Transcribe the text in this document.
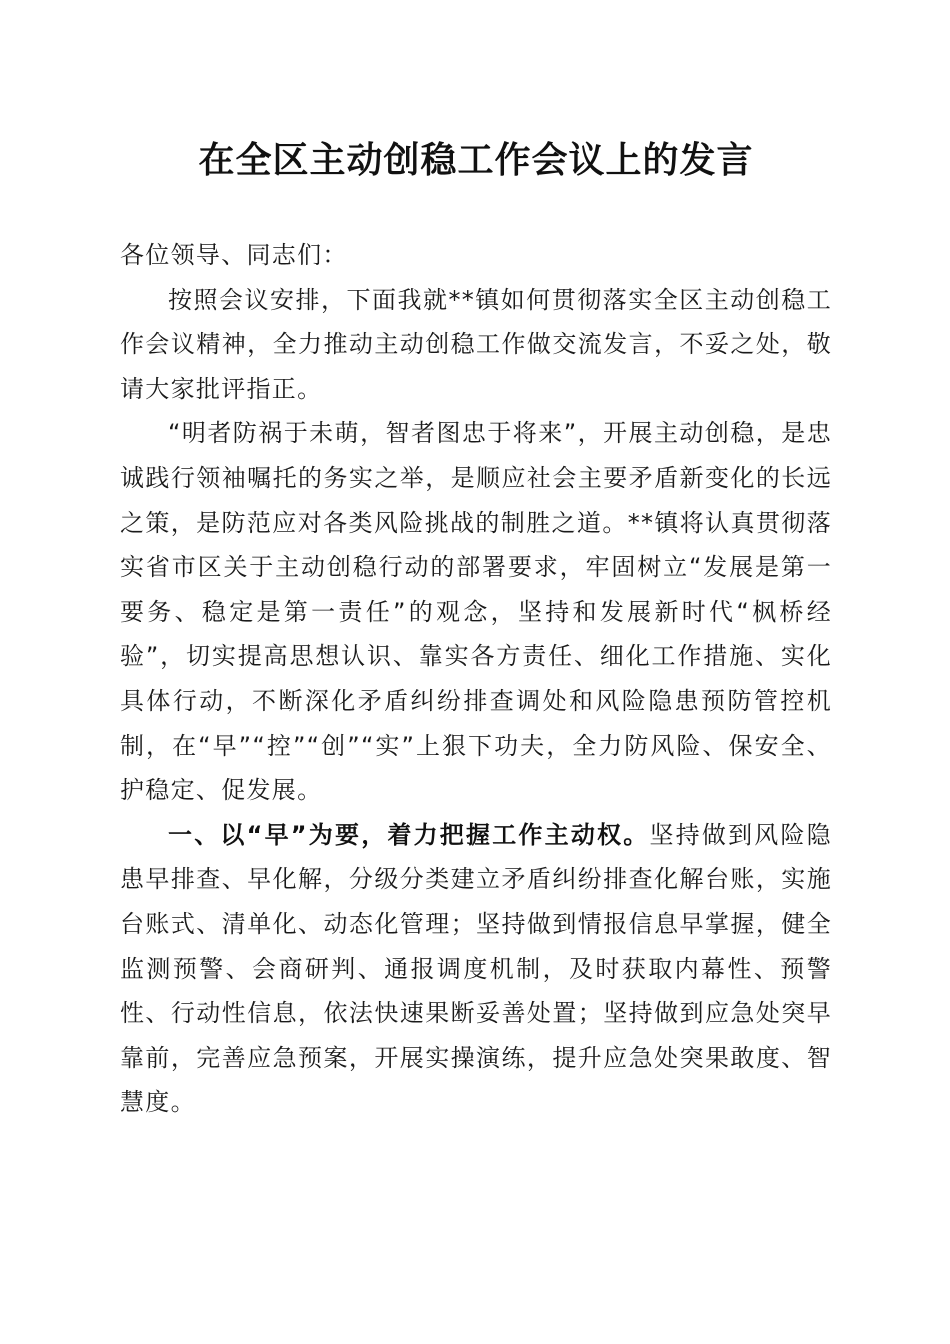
在全区主动创稳工作会议上的发言

各位领导、同志们：

按照会议安排，下面我就**镇如何贯彻落实全区主动创稳工作会议精神，全力推动主动创稳工作做交流发言，不妥之处，敬请大家批评指正。

“明者防祸于未萌，智者图忠于将来”，开展主动创稳，是忠诚践行领袖嘱托的务实之举，是顺应社会主要矛盾新变化的长远之策，是防范应对各类风险挑战的制胜之道。**镇将认真贯彻落实省市区关于主动创稳行动的部署要求，牢固树立“发展是第一要务、稳定是第一责任”的观念，坚持和发展新时代“枫桥经验”，切实提高思想认识、靠实各方责任、细化工作措施、实化具体行动，不断深化矛盾纠纷排查调处和风险隐患预防管控机制，在“早”“控”“创”“实”上狠下功夫，全力防风险、保安全、护稳定、促发展。

一、以“早”为要，着力把握工作主动权。坚持做到风险隐患早排查、早化解，分级分类建立矛盾纠纷排查化解台账，实施台账式、清单化、动态化管理；坚持做到情报信息早掌握，健全监测预警、会商研判、通报调度机制，及时获取内幕性、预警性、行动性信息，依法快速果断妥善处置；坚持做到应急处突早靠前，完善应急预案，开展实操演练，提升应急处突果敢度、智慧度。
